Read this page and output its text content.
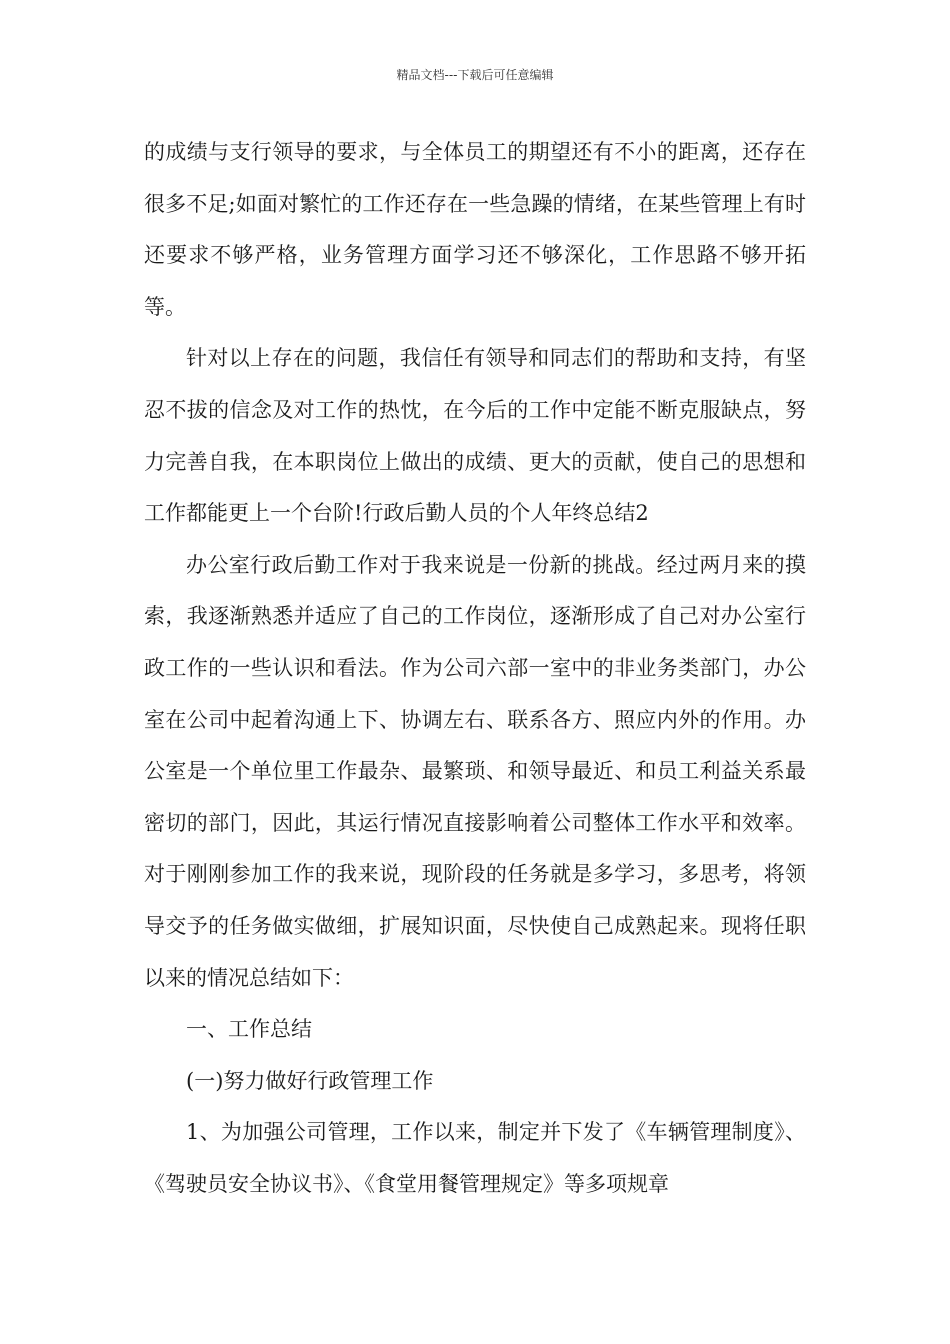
精品文档---下载后可任意编辑

的成绩与支行领导的要求，与全体员工的期望还有不小的距离，还存在很多不足;如面对繁忙的工作还存在一些急躁的情绪，在某些管理上有时还要求不够严格，业务管理方面学习还不够深化，工作思路不够开拓等。

针对以上存在的问题，我信任有领导和同志们的帮助和支持，有坚忍不拔的信念及对工作的热忱，在今后的工作中定能不断克服缺点，努力完善自我，在本职岗位上做出的成绩、更大的贡献，使自己的思想和工作都能更上一个台阶!行政后勤人员的个人年终总结2

办公室行政后勤工作对于我来说是一份新的挑战。经过两月来的摸索，我逐渐熟悉并适应了自己的工作岗位，逐渐形成了自己对办公室行政工作的一些认识和看法。作为公司六部一室中的非业务类部门，办公室在公司中起着沟通上下、协调左右、联系各方、照应内外的作用。办公室是一个单位里工作最杂、最繁琐、和领导最近、和员工利益关系最密切的部门，因此，其运行情况直接影响着公司整体工作水平和效率。对于刚刚参加工作的我来说，现阶段的任务就是多学习，多思考，将领导交予的任务做实做细，扩展知识面，尽快使自己成熟起来。现将任职以来的情况总结如下：

一、工作总结

(一)努力做好行政管理工作

1、为加强公司管理，工作以来，制定并下发了《车辆管理制度》、《驾驶员安全协议书》、《食堂用餐管理规定》等多项规章
